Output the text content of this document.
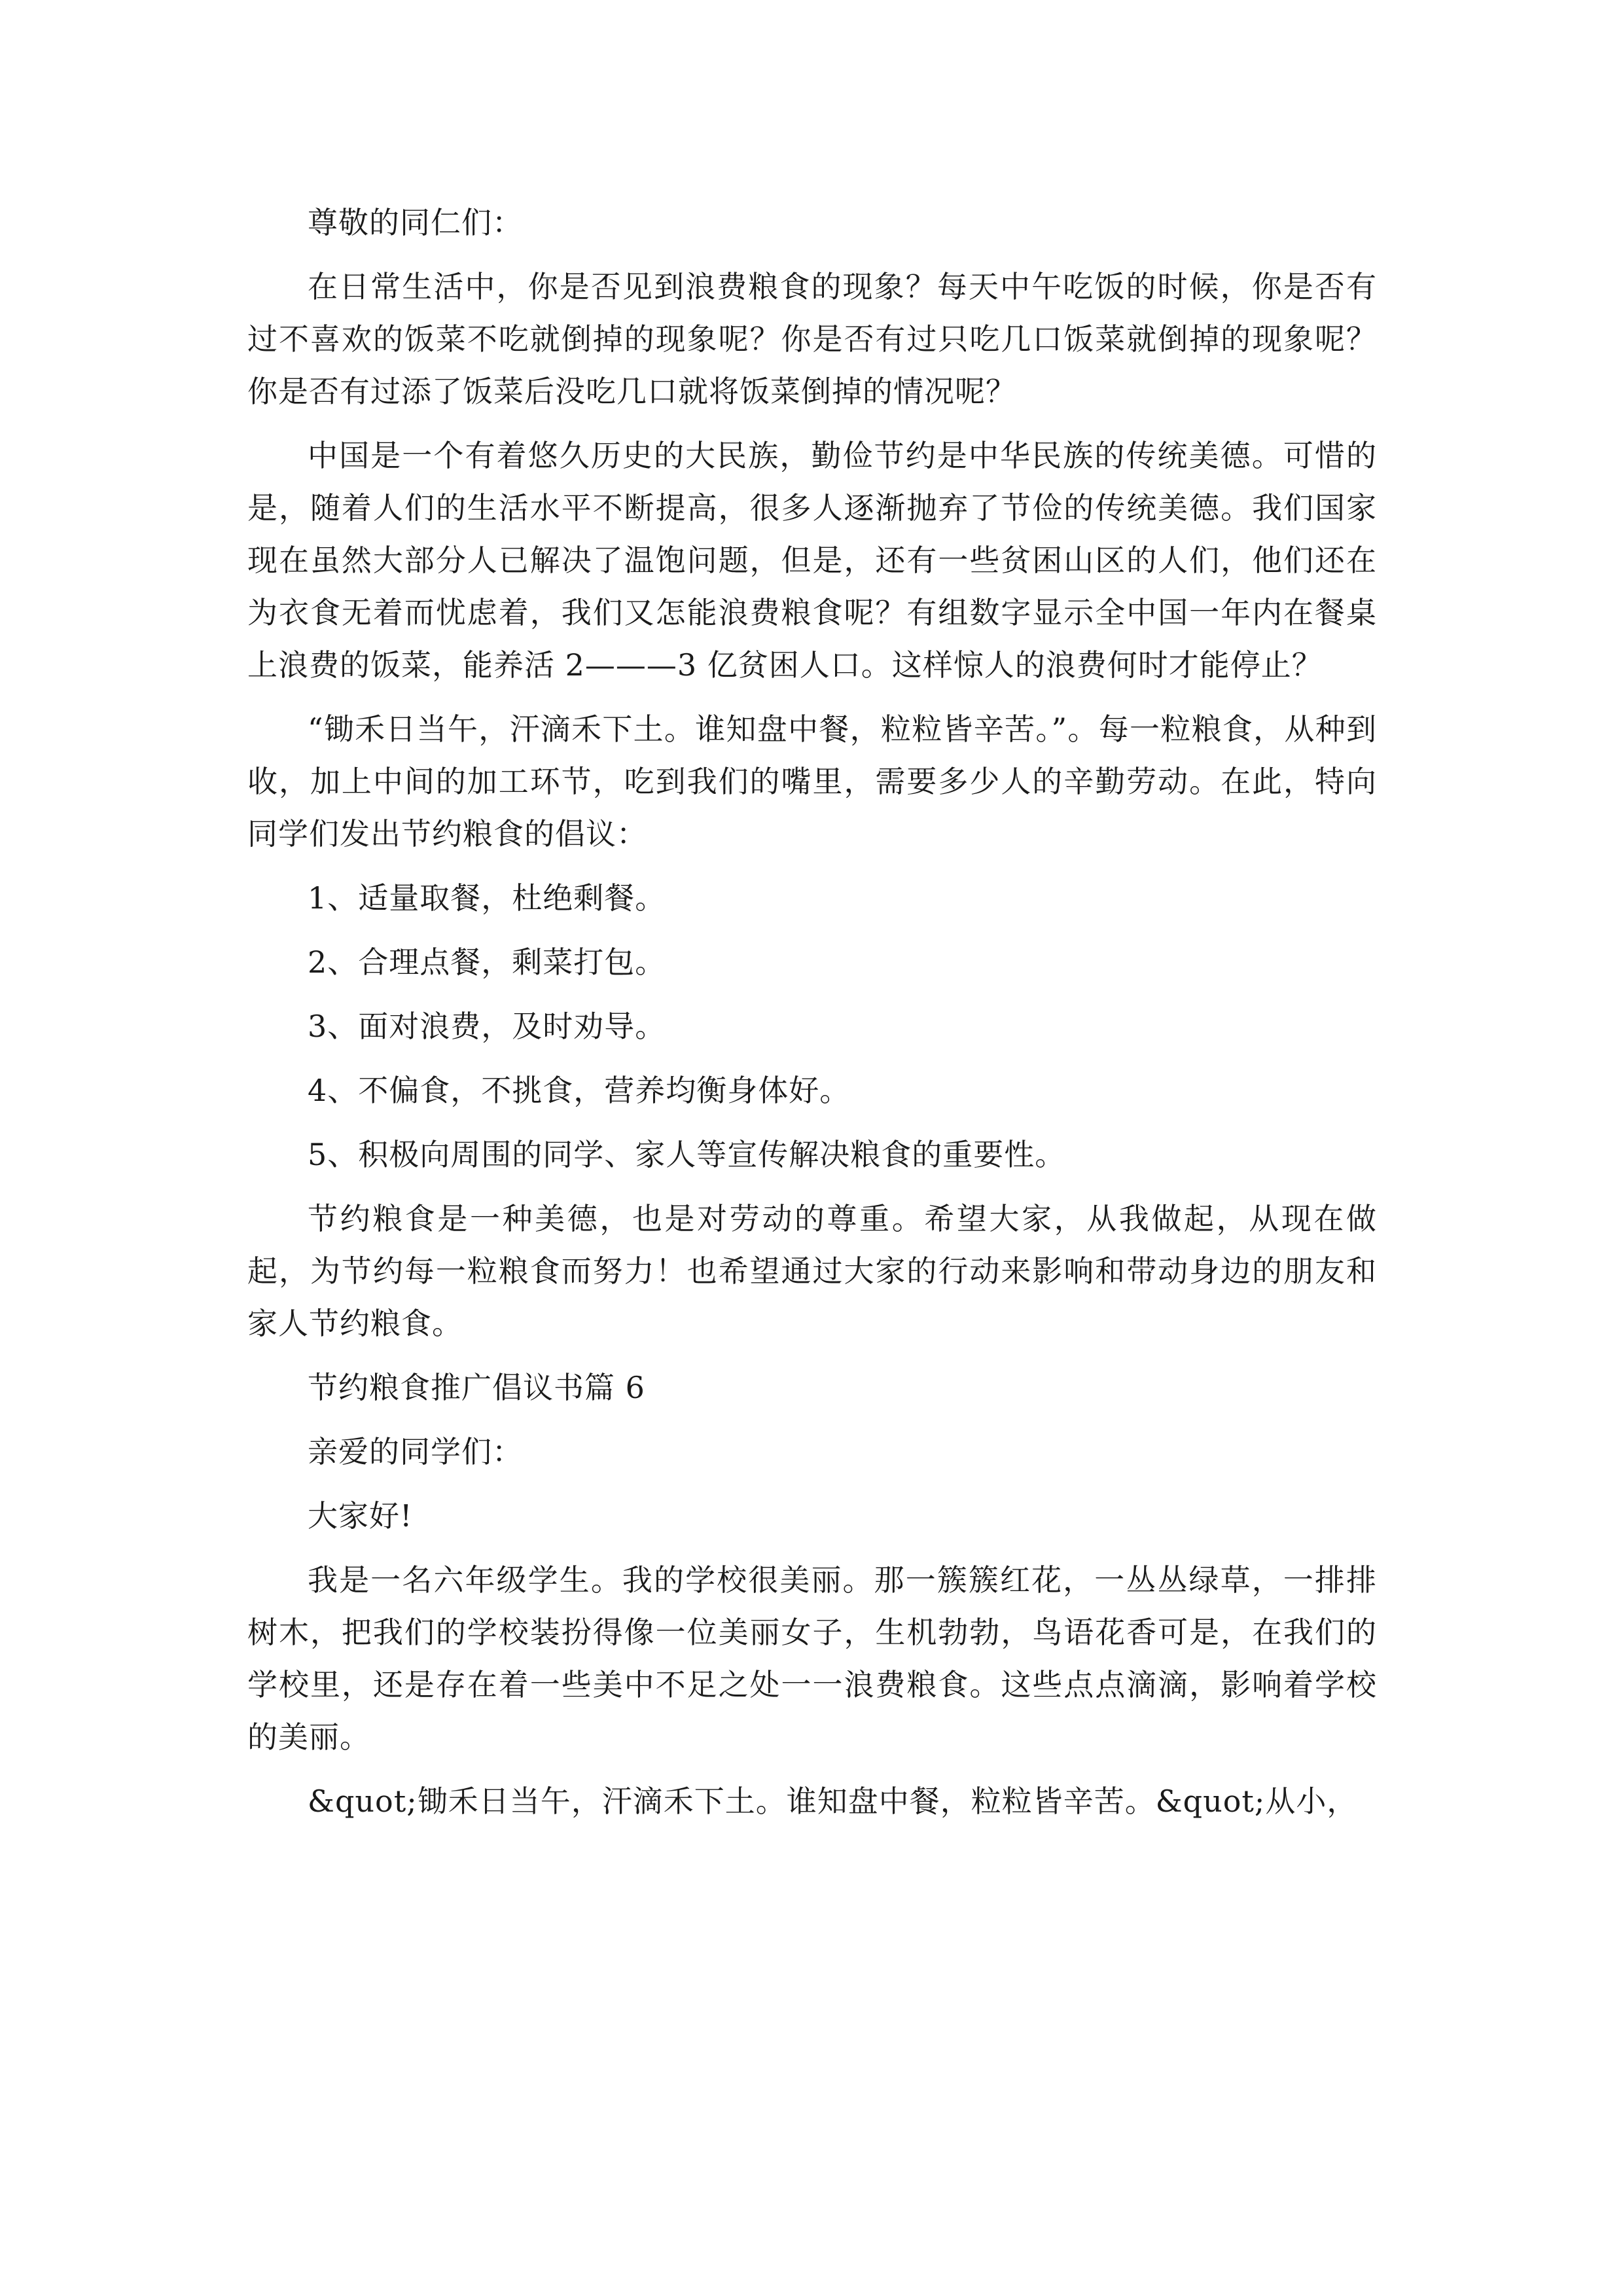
尊敬的同仁们：

在日常生活中，你是否见到浪费粮食的现象？每天中午吃饭的时候，你是否有过不喜欢的饭菜不吃就倒掉的现象呢？你是否有过只吃几口饭菜就倒掉的现象呢？你是否有过添了饭菜后没吃几口就将饭菜倒掉的情况呢？

中国是一个有着悠久历史的大民族，勤俭节约是中华民族的传统美德。可惜的是，随着人们的生活水平不断提高，很多人逐渐抛弃了节俭的传统美德。我们国家现在虽然大部分人已解决了温饱问题，但是，还有一些贫困山区的人们，他们还在为衣食无着而忧虑着，我们又怎能浪费粮食呢？有组数字显示全中国一年内在餐桌上浪费的饭菜，能养活 2———3 亿贫困人口。这样惊人的浪费何时才能停止？

“锄禾日当午，汗滴禾下土。谁知盘中餐，粒粒皆辛苦。”。每一粒粮食，从种到收，加上中间的加工环节，吃到我们的嘴里，需要多少人的辛勤劳动。在此，特向同学们发出节约粮食的倡议：

1、适量取餐，杜绝剩餐。

2、合理点餐，剩菜打包。

3、面对浪费，及时劝导。

4、不偏食，不挑食，营养均衡身体好。

5、积极向周围的同学、家人等宣传解决粮食的重要性。

节约粮食是一种美德，也是对劳动的尊重。希望大家，从我做起，从现在做起，为节约每一粒粮食而努力！也希望通过大家的行动来影响和带动身边的朋友和家人节约粮食。

节约粮食推广倡议书篇 6

亲爱的同学们：

大家好!

我是一名六年级学生。我的学校很美丽。那一簇簇红花，一丛丛绿草，一排排树木，把我们的学校装扮得像一位美丽女子，生机勃勃，鸟语花香可是，在我们的学校里，还是存在着一些美中不足之处一一浪费粮食。这些点点滴滴，影响着学校的美丽。

&quot;锄禾日当午，汗滴禾下土。谁知盘中餐，粒粒皆辛苦。&quot;从小，
